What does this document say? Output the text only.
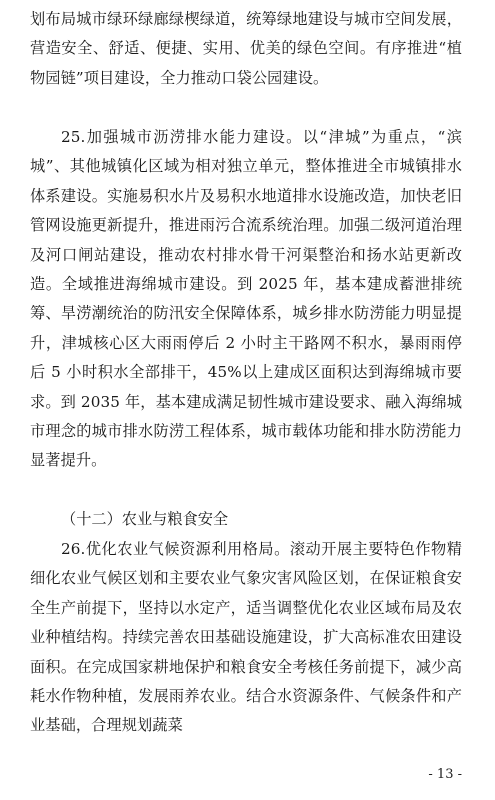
划布局城市绿环绿廊绿楔绿道，统筹绿地建设与城市空间发展，营造安全、舒适、便捷、实用、优美的绿色空间。有序推进“植物园链”项目建设，全力推动口袋公园建设。

25.加强城市沥涝排水能力建设。以“津城”为重点，“滨城”、其他城镇化区域为相对独立单元，整体推进全市城镇排水体系建设。实施易积水片及易积水地道排水设施改造，加快老旧管网设施更新提升，推进雨污合流系统治理。加强二级河道治理及河口闸站建设，推动农村排水骨干河渠整治和扬水站更新改造。全域推进海绵城市建设。到 2025 年，基本建成蓄泄排统筹、旱涝潮统治的防汛安全保障体系，城乡排水防涝能力明显提升，津城核心区大雨雨停后 2 小时主干路网不积水，暴雨雨停后 5 小时积水全部排干，45%以上建成区面积达到海绵城市要求。到 2035 年，基本建成满足韧性城市建设要求、融入海绵城市理念的城市排水防涝工程体系，城市载体功能和排水防涝能力显著提升。

（十二）农业与粮食安全

26.优化农业气候资源利用格局。滚动开展主要特色作物精细化农业气候区划和主要农业气象灾害风险区划，在保证粮食安全生产前提下，坚持以水定产，适当调整优化农业区域布局及农业种植结构。持续完善农田基础设施建设，扩大高标准农田建设面积。在完成国家耕地保护和粮食安全考核任务前提下，减少高耗水作物种植，发展雨养农业。结合水资源条件、气候条件和产业基础，合理规划蔬菜

- 13 -
